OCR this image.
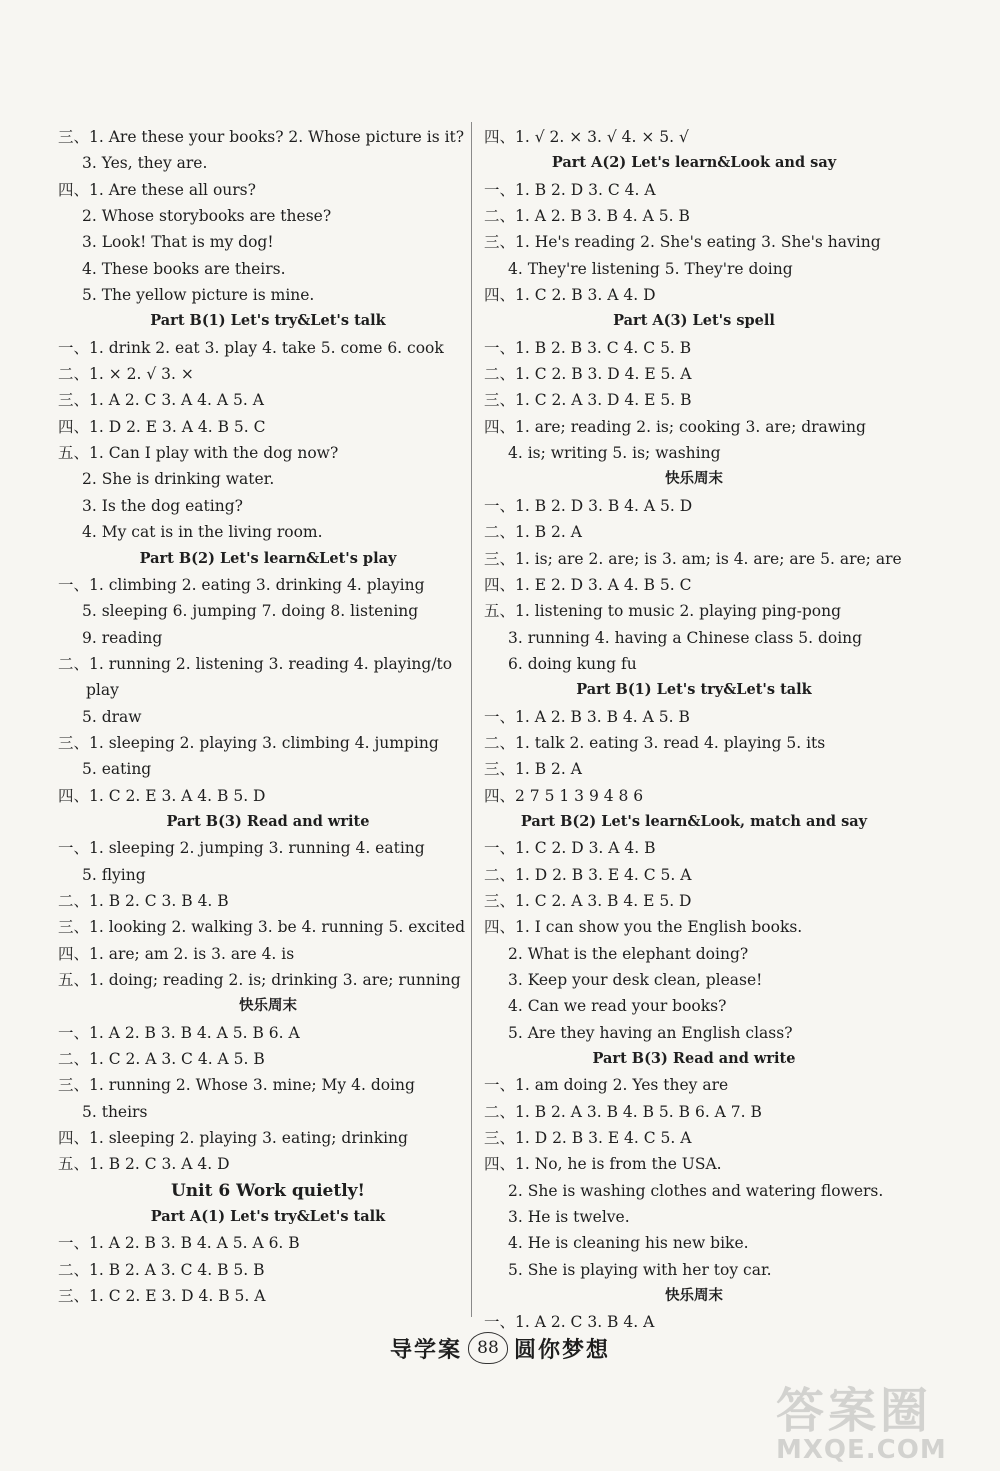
三、1. Are these your books? 2. Whose picture is it?
3. Yes, they are.
四、1. Are these all ours?
2. Whose storybooks are these?
3. Look! That is my dog!
4. These books are theirs.
5. The yellow picture is mine.
Part B(1) Let's try&Let's talk
一、1. drink 2. eat 3. play 4. take 5. come 6. cook
二、1. × 2. √ 3. ×
三、1. A 2. C 3. A 4. A 5. A
四、1. D 2. E 3. A 4. B 5. C
五、1. Can I play with the dog now?
2. She is drinking water.
3. Is the dog eating?
4. My cat is in the living room.
Part B(2) Let's learn&Let's play
一、1. climbing 2. eating 3. drinking 4. playing
5. sleeping 6. jumping 7. doing 8. listening
9. reading
二、1. running 2. listening 3. reading 4. playing/to
play
5. draw
三、1. sleeping 2. playing 3. climbing 4. jumping
5. eating
四、1. C 2. E 3. A 4. B 5. D
Part B(3) Read and write
一、1. sleeping 2. jumping 3. running 4. eating
5. flying
二、1. B 2. C 3. B 4. B
三、1. looking 2. walking 3. be 4. running 5. excited
四、1. are; am 2. is 3. are 4. is
五、1. doing; reading 2. is; drinking 3. are; running
快乐周末
一、1. A 2. B 3. B 4. A 5. B 6. A
二、1. C 2. A 3. C 4. A 5. B
三、1. running 2. Whose 3. mine; My 4. doing
5. theirs
四、1. sleeping 2. playing 3. eating; drinking
五、1. B 2. C 3. A 4. D
Unit 6 Work quietly!
Part A(1) Let's try&Let's talk
一、1. A 2. B 3. B 4. A 5. A 6. B
二、1. B 2. A 3. C 4. B 5. B
三、1. C 2. E 3. D 4. B 5. A
四、1. √ 2. × 3. √ 4. × 5. √
Part A(2) Let's learn&Look and say
一、1. B 2. D 3. C 4. A
二、1. A 2. B 3. B 4. A 5. B
三、1. He's reading 2. She's eating 3. She's having
4. They're listening 5. They're doing
四、1. C 2. B 3. A 4. D
Part A(3) Let's spell
一、1. B 2. B 3. C 4. C 5. B
二、1. C 2. B 3. D 4. E 5. A
三、1. C 2. A 3. D 4. E 5. B
四、1. are; reading 2. is; cooking 3. are; drawing
4. is; writing 5. is; washing
快乐周末
一、1. B 2. D 3. B 4. A 5. D
二、1. B 2. A
三、1. is; are 2. are; is 3. am; is 4. are; are 5. are; are
四、1. E 2. D 3. A 4. B 5. C
五、1. listening to music 2. playing ping-pong
3. running 4. having a Chinese class 5. doing
6. doing kung fu
Part B(1) Let's try&Let's talk
一、1. A 2. B 3. B 4. A 5. B
二、1. talk 2. eating 3. read 4. playing 5. its
三、1. B 2. A
四、2 7 5 1 3 9 4 8 6
Part B(2) Let's learn&Look, match and say
一、1. C 2. D 3. A 4. B
二、1. D 2. B 3. E 4. C 5. A
三、1. C 2. A 3. B 4. E 5. D
四、1. I can show you the English books.
2. What is the elephant doing?
3. Keep your desk clean, please!
4. Can we read your books?
5. Are they having an English class?
Part B(3) Read and write
一、1. am doing 2. Yes they are
二、1. B 2. A 3. B 4. B 5. B 6. A 7. B
三、1. D 2. B 3. E 4. C 5. A
四、1. No, he is from the USA.
2. She is washing clothes and watering flowers.
3. He is twelve.
4. He is cleaning his new bike.
5. She is playing with her toy car.
快乐周末
一、1. A 2. C 3. B 4. A
导学案 88 圆你梦想
答案圈
MXQE.COM
